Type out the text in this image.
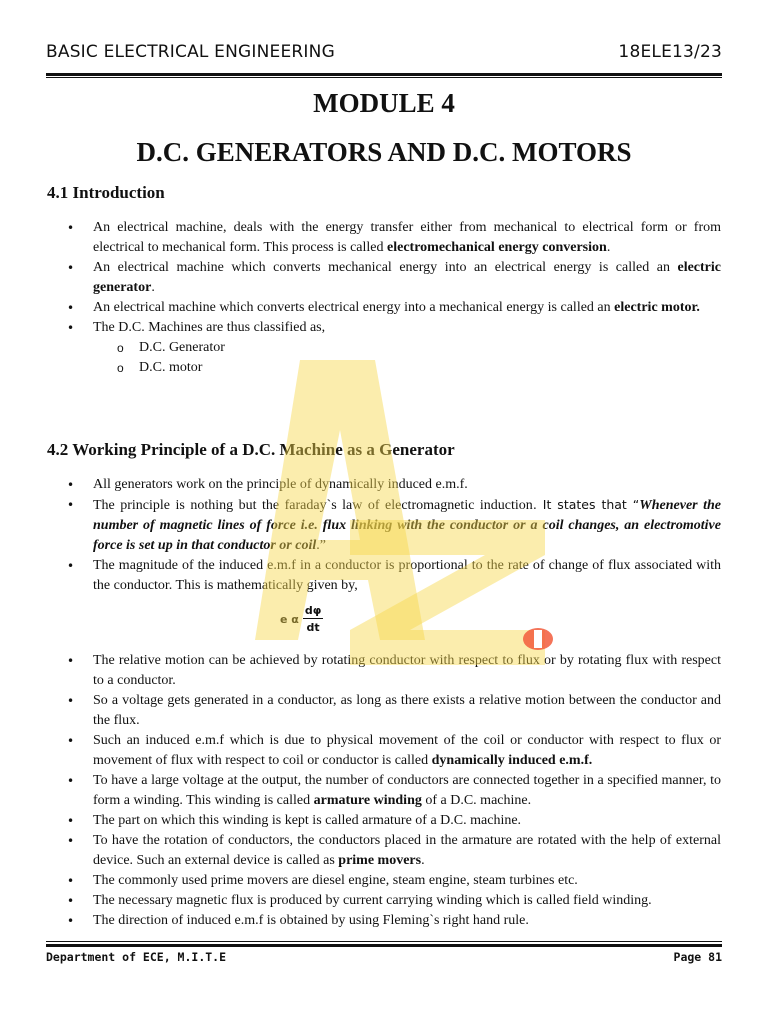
BASIC ELECTRICAL ENGINEERING	18ELE13/23
MODULE 4
D.C. GENERATORS AND D.C. MOTORS
4.1 Introduction
• An electrical machine, deals with the energy transfer either from mechanical to electrical form or from electrical to mechanical form. This process is called electromechanical energy conversion.
• An electrical machine which converts mechanical energy into an electrical energy is called an electric generator.
• An electrical machine which converts electrical energy into a mechanical energy is called an electric motor.
• The D.C. Machines are thus classified as,
o D.C. Generator
o D.C. motor
4.2 Working Principle of a D.C. Machine as a Generator
• All generators work on the principle of dynamically induced e.m.f.
• The principle is nothing but the faraday`s law of electromagnetic induction. It states that “Whenever the number of magnetic lines of force i.e. flux linking with the conductor or a coil changes, an electromotive force is set up in that conductor or coil.”
• The magnitude of the induced e.m.f in a conductor is proportional to the rate of change of flux associated with the conductor. This is mathematically given by,
e α $\frac{d\varphi}{dt}$
• The relative motion can be achieved by rotating conductor with respect to flux or by rotating flux with respect to a conductor.
• So a voltage gets generated in a conductor, as long as there exists a relative motion between the conductor and the flux.
• Such an induced e.m.f which is due to physical movement of the coil or conductor with respect to flux or movement of flux with respect to coil or conductor is called dynamically induced e.m.f.
• To have a large voltage at the output, the number of conductors are connected together in a specified manner, to form a winding. This winding is called armature winding of a D.C. machine.
• The part on which this winding is kept is called armature of a D.C. machine.
• To have the rotation of conductors, the conductors placed in the armature are rotated with the help of external device. Such an external device is called as prime movers.
• The commonly used prime movers are diesel engine, steam engine, steam turbines etc.
• The necessary magnetic flux is produced by current carrying winding which is called field winding.
• The direction of induced e.m.f is obtained by using Fleming`s right hand rule.
Department of ECE, M.I.T.E	Page 81
